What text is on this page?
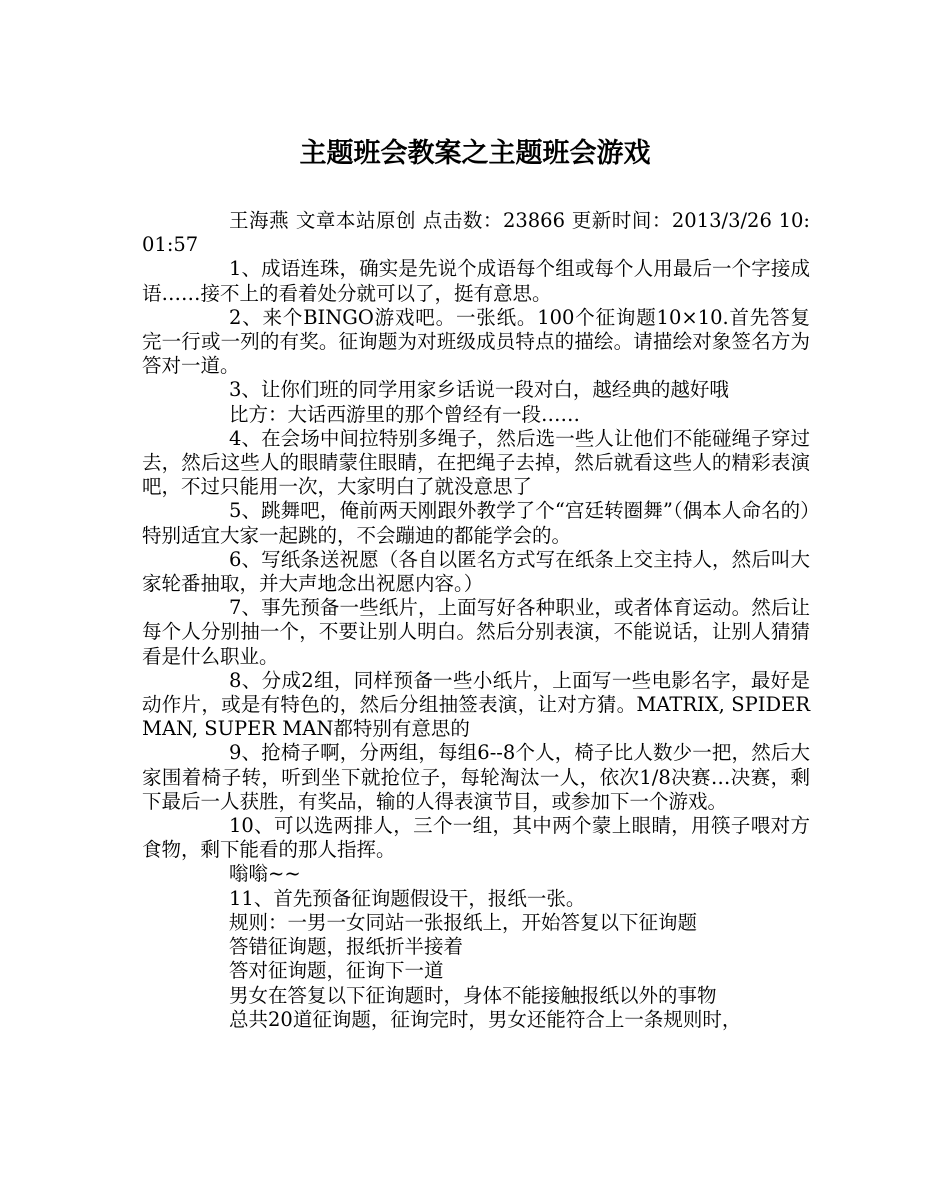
主题班会教案之主题班会游戏

王海燕 文章本站原创 点击数：23866 更新时间：2013/3/26 10:01:57

1、成语连珠，确实是先说个成语每个组或每个人用最后一个字接成语……接不上的看着处分就可以了，挺有意思。

2、来个BINGO游戏吧。一张纸。100个征询题10×10.首先答复完一行或一列的有奖。征询题为对班级成员特点的描绘。请描绘对象签名方为答对一道。

3、让你们班的同学用家乡话说一段对白，越经典的越好哦

比方：大话西游里的那个曾经有一段……

4、在会场中间拉特别多绳子，然后选一些人让他们不能碰绳子穿过去，然后这些人的眼睛蒙住眼睛，在把绳子去掉，然后就看这些人的精彩表演吧，不过只能用一次，大家明白了就没意思了

5、跳舞吧，俺前两天刚跟外教学了个“宫廷转圈舞”（偶本人命名的）特别适宜大家一起跳的，不会蹦迪的都能学会的。

6、写纸条送祝愿（各自以匿名方式写在纸条上交主持人，然后叫大家轮番抽取，并大声地念出祝愿内容。）

7、事先预备一些纸片，上面写好各种职业，或者体育运动。然后让每个人分别抽一个，不要让别人明白。然后分别表演，不能说话，让别人猜猜看是什么职业。

8、分成2组，同样预备一些小纸片，上面写一些电影名字，最好是动作片，或是有特色的，然后分组抽签表演，让对方猜。MATRIX, SPIDER MAN, SUPER MAN都特别有意思的

9、抢椅子啊，分两组，每组6--8个人，椅子比人数少一把，然后大家围着椅子转，听到坐下就抢位子，每轮淘汰一人，依次1/8决赛…决赛，剩下最后一人获胜，有奖品，输的人得表演节目，或参加下一个游戏。

10、可以选两排人，三个一组，其中两个蒙上眼睛，用筷子喂对方食物，剩下能看的那人指挥。

嗡嗡~~

11、首先预备征询题假设干，报纸一张。

规则：一男一女同站一张报纸上，开始答复以下征询题

答错征询题，报纸折半接着

答对征询题，征询下一道

男女在答复以下征询题时，身体不能接触报纸以外的事物

总共20道征询题，征询完时，男女还能符合上一条规则时，
